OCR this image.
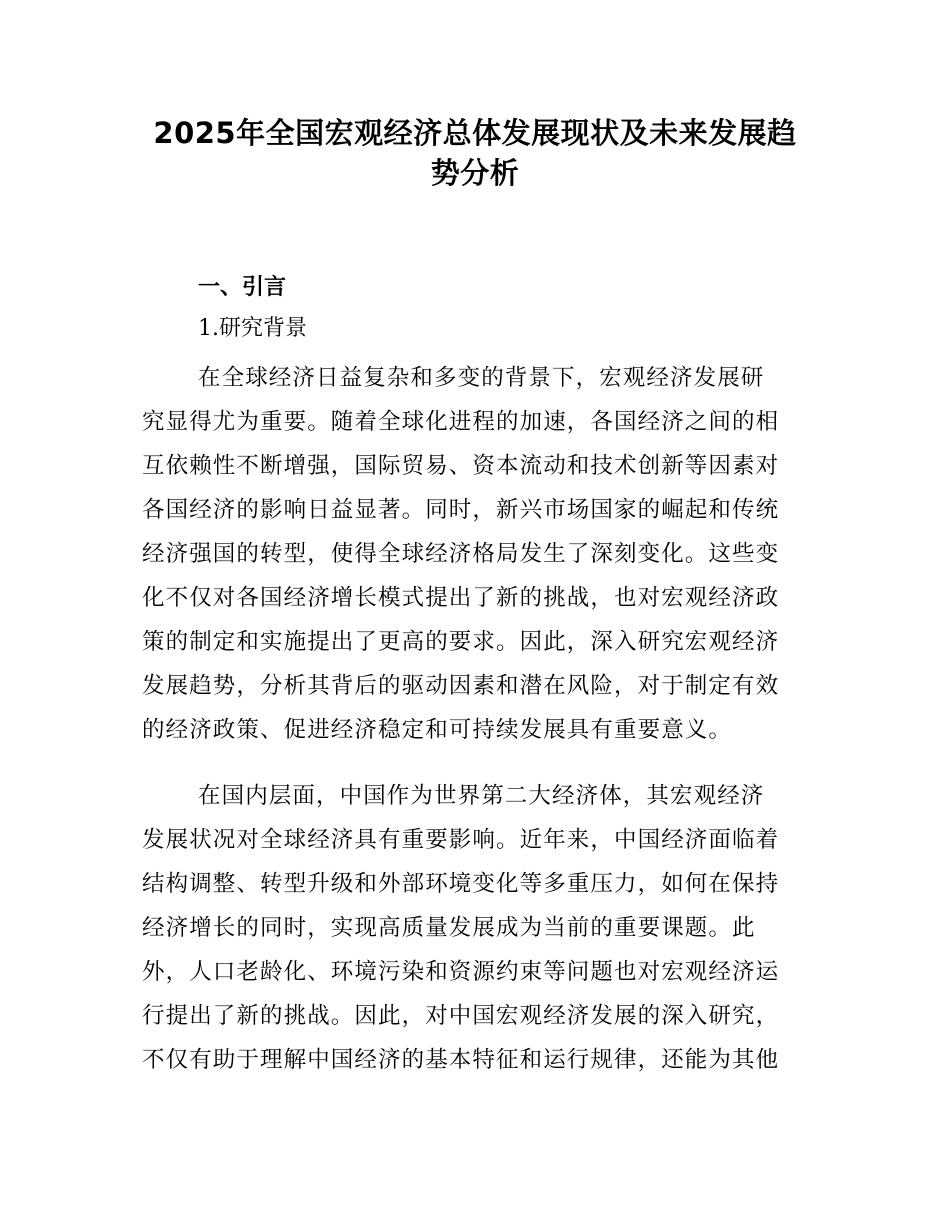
2025年全国宏观经济总体发展现状及未来发展趋
势分析
一、引言
1.研究背景
在全球经济日益复杂和多变的背景下，宏观经济发展研
究显得尤为重要。随着全球化进程的加速，各国经济之间的相
互依赖性不断增强，国际贸易、资本流动和技术创新等因素对
各国经济的影响日益显著。同时，新兴市场国家的崛起和传统
经济强国的转型，使得全球经济格局发生了深刻变化。这些变
化不仅对各国经济增长模式提出了新的挑战，也对宏观经济政
策的制定和实施提出了更高的要求。因此，深入研究宏观经济
发展趋势，分析其背后的驱动因素和潜在风险，对于制定有效
的经济政策、促进经济稳定和可持续发展具有重要意义。
在国内层面，中国作为世界第二大经济体，其宏观经济
发展状况对全球经济具有重要影响。近年来，中国经济面临着
结构调整、转型升级和外部环境变化等多重压力，如何在保持
经济增长的同时，实现高质量发展成为当前的重要课题。此
外，人口老龄化、环境污染和资源约束等问题也对宏观经济运
行提出了新的挑战。因此，对中国宏观经济发展的深入研究，
不仅有助于理解中国经济的基本特征和运行规律，还能为其他
